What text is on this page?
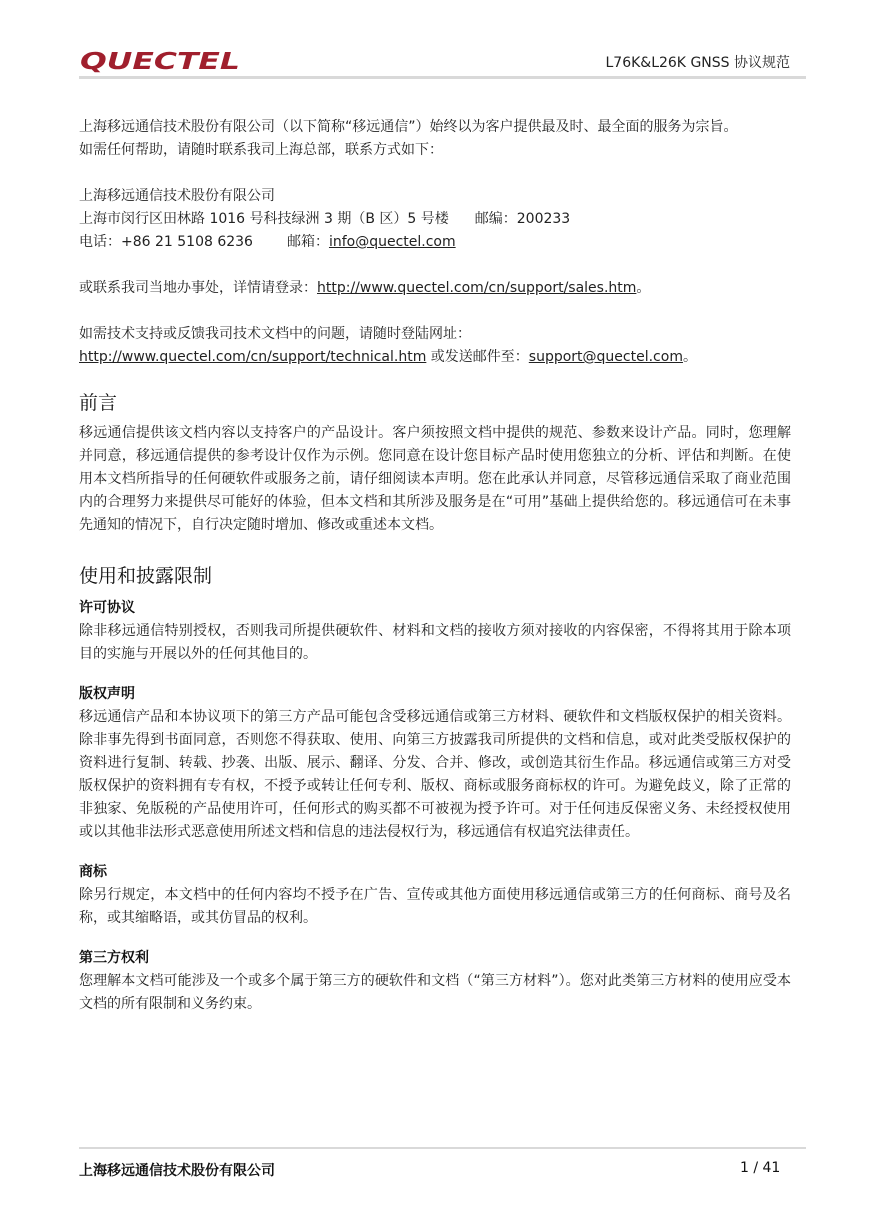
QUECTEL	L76K&L26K GNSS 协议规范

上海移远通信技术股份有限公司（以下简称“移远通信”）始终以为客户提供最及时、最全面的服务为宗旨。

如需任何帮助，请随时联系我司上海总部，联系方式如下：

上海移远通信技术股份有限公司

上海市闵行区田林路 1016 号科技绿洲 3 期（B 区）5 号楼 邮编：200233

电话：+86 21 5108 6236 邮箱：info@quectel.com

或联系我司当地办事处，详情请登录：http://www.quectel.com/cn/support/sales.htm。

如需技术支持或反馈我司技术文档中的问题，请随时登陆网址：

http://www.quectel.com/cn/support/technical.htm 或发送邮件至：support@quectel.com。

前言

移远通信提供该文档内容以支持客户的产品设计。客户须按照文档中提供的规范、参数来设计产品。同时，您理解并同意，移远通信提供的参考设计仅作为示例。您同意在设计您目标产品时使用您独立的分析、评估和判断。在使用本文档所指导的任何硬软件或服务之前，请仔细阅读本声明。您在此承认并同意，尽管移远通信采取了商业范围内的合理努力来提供尽可能好的体验，但本文档和其所涉及服务是在“可用”基础上提供给您的。移远通信可在未事先通知的情况下，自行决定随时增加、修改或重述本文档。

使用和披露限制
许可协议

除非移远通信特别授权，否则我司所提供硬软件、材料和文档的接收方须对接收的内容保密，不得将其用于除本项目的实施与开展以外的任何其他目的。

版权声明

移远通信产品和本协议项下的第三方产品可能包含受移远通信或第三方材料、硬软件和文档版权保护的相关资料。除非事先得到书面同意，否则您不得获取、使用、向第三方披露我司所提供的文档和信息，或对此类受版权保护的资料进行复制、转载、抄袭、出版、展示、翻译、分发、合并、修改，或创造其衍生作品。移远通信或第三方对受版权保护的资料拥有专有权，不授予或转让任何专利、版权、商标或服务商标权的许可。为避免歧义，除了正常的非独家、免版税的产品使用许可，任何形式的购买都不可被视为授予许可。对于任何违反保密义务、未经授权使用或以其他非法形式恶意使用所述文档和信息的违法侵权行为，移远通信有权追究法律责任。

商标

除另行规定，本文档中的任何内容均不授予在广告、宣传或其他方面使用移远通信或第三方的任何商标、商号及名称，或其缩略语，或其仿冒品的权利。

第三方权利

您理解本文档可能涉及一个或多个属于第三方的硬软件和文档（“第三方材料”）。您对此类第三方材料的使用应受本文档的所有限制和义务约束。

上海移远通信技术股份有限公司	1 / 41
